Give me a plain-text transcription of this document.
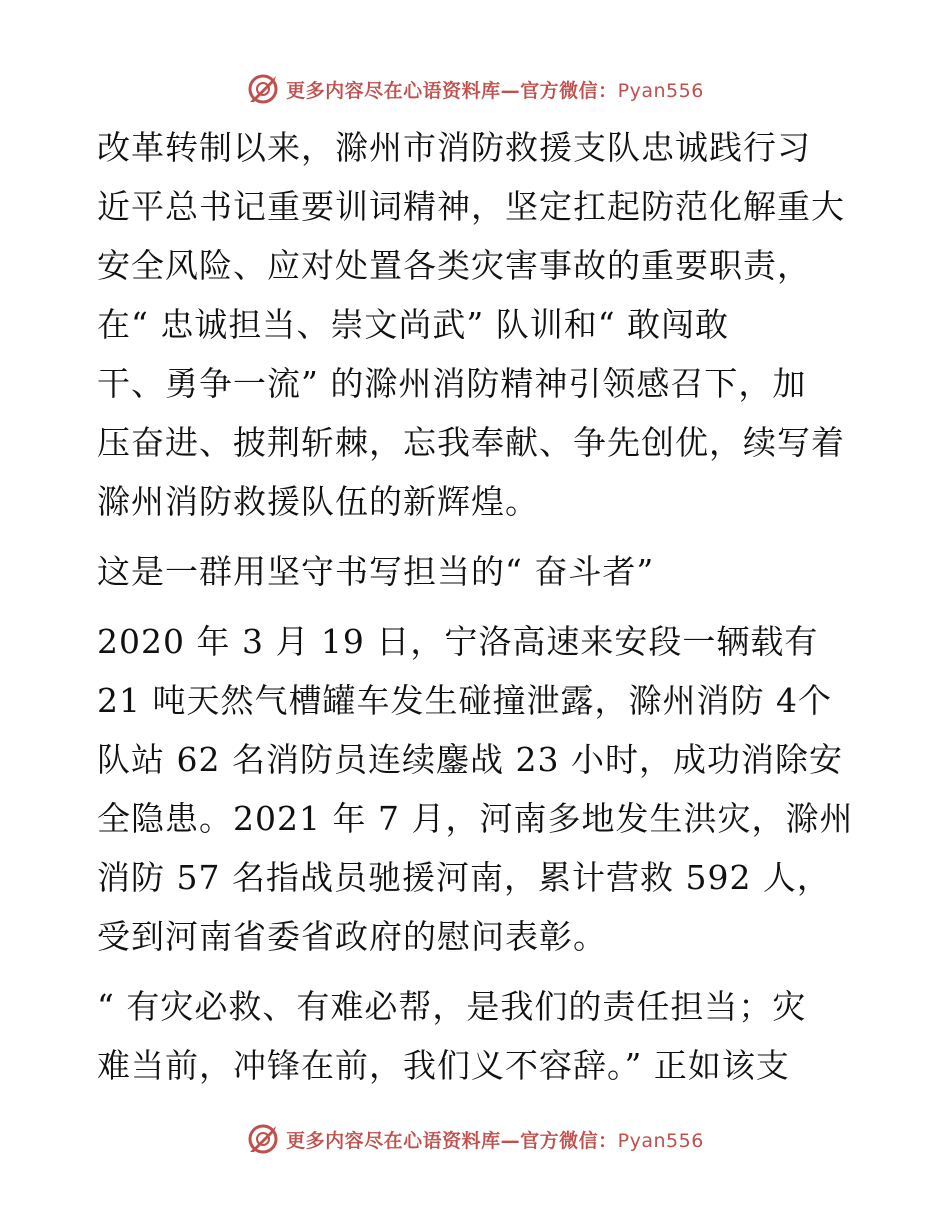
更多内容尽在心语资料库—官方微信：Pyan556
改革转制以来，滁州市消防救援支队忠诚践行习
近平总书记重要训词精神，坚定扛起防范化解重大
安全风险、应对处置各类灾害事故的重要职责，
在“ 忠诚担当、崇文尚武” 队训和“ 敢闯敢
干、勇争一流” 的滁州消防精神引领感召下，加
压奋进、披荆斩棘，忘我奉献、争先创优，续写着
滁州消防救援队伍的新辉煌。
这是一群用坚守书写担当的“ 奋斗者”
2020 年 3 月 19 日，宁洛高速来安段一辆载有
21 吨天然气槽罐车发生碰撞泄露，滁州消防 4个
队站 62 名消防员连续鏖战 23 小时，成功消除安
全隐患。2021 年 7 月，河南多地发生洪灾，滁州
消防 57 名指战员驰援河南，累计营救 592 人，
受到河南省委省政府的慰问表彰。
“ 有灾必救、有难必帮，是我们的责任担当；灾
难当前，冲锋在前，我们义不容辞。” 正如该支
更多内容尽在心语资料库—官方微信：Pyan556
